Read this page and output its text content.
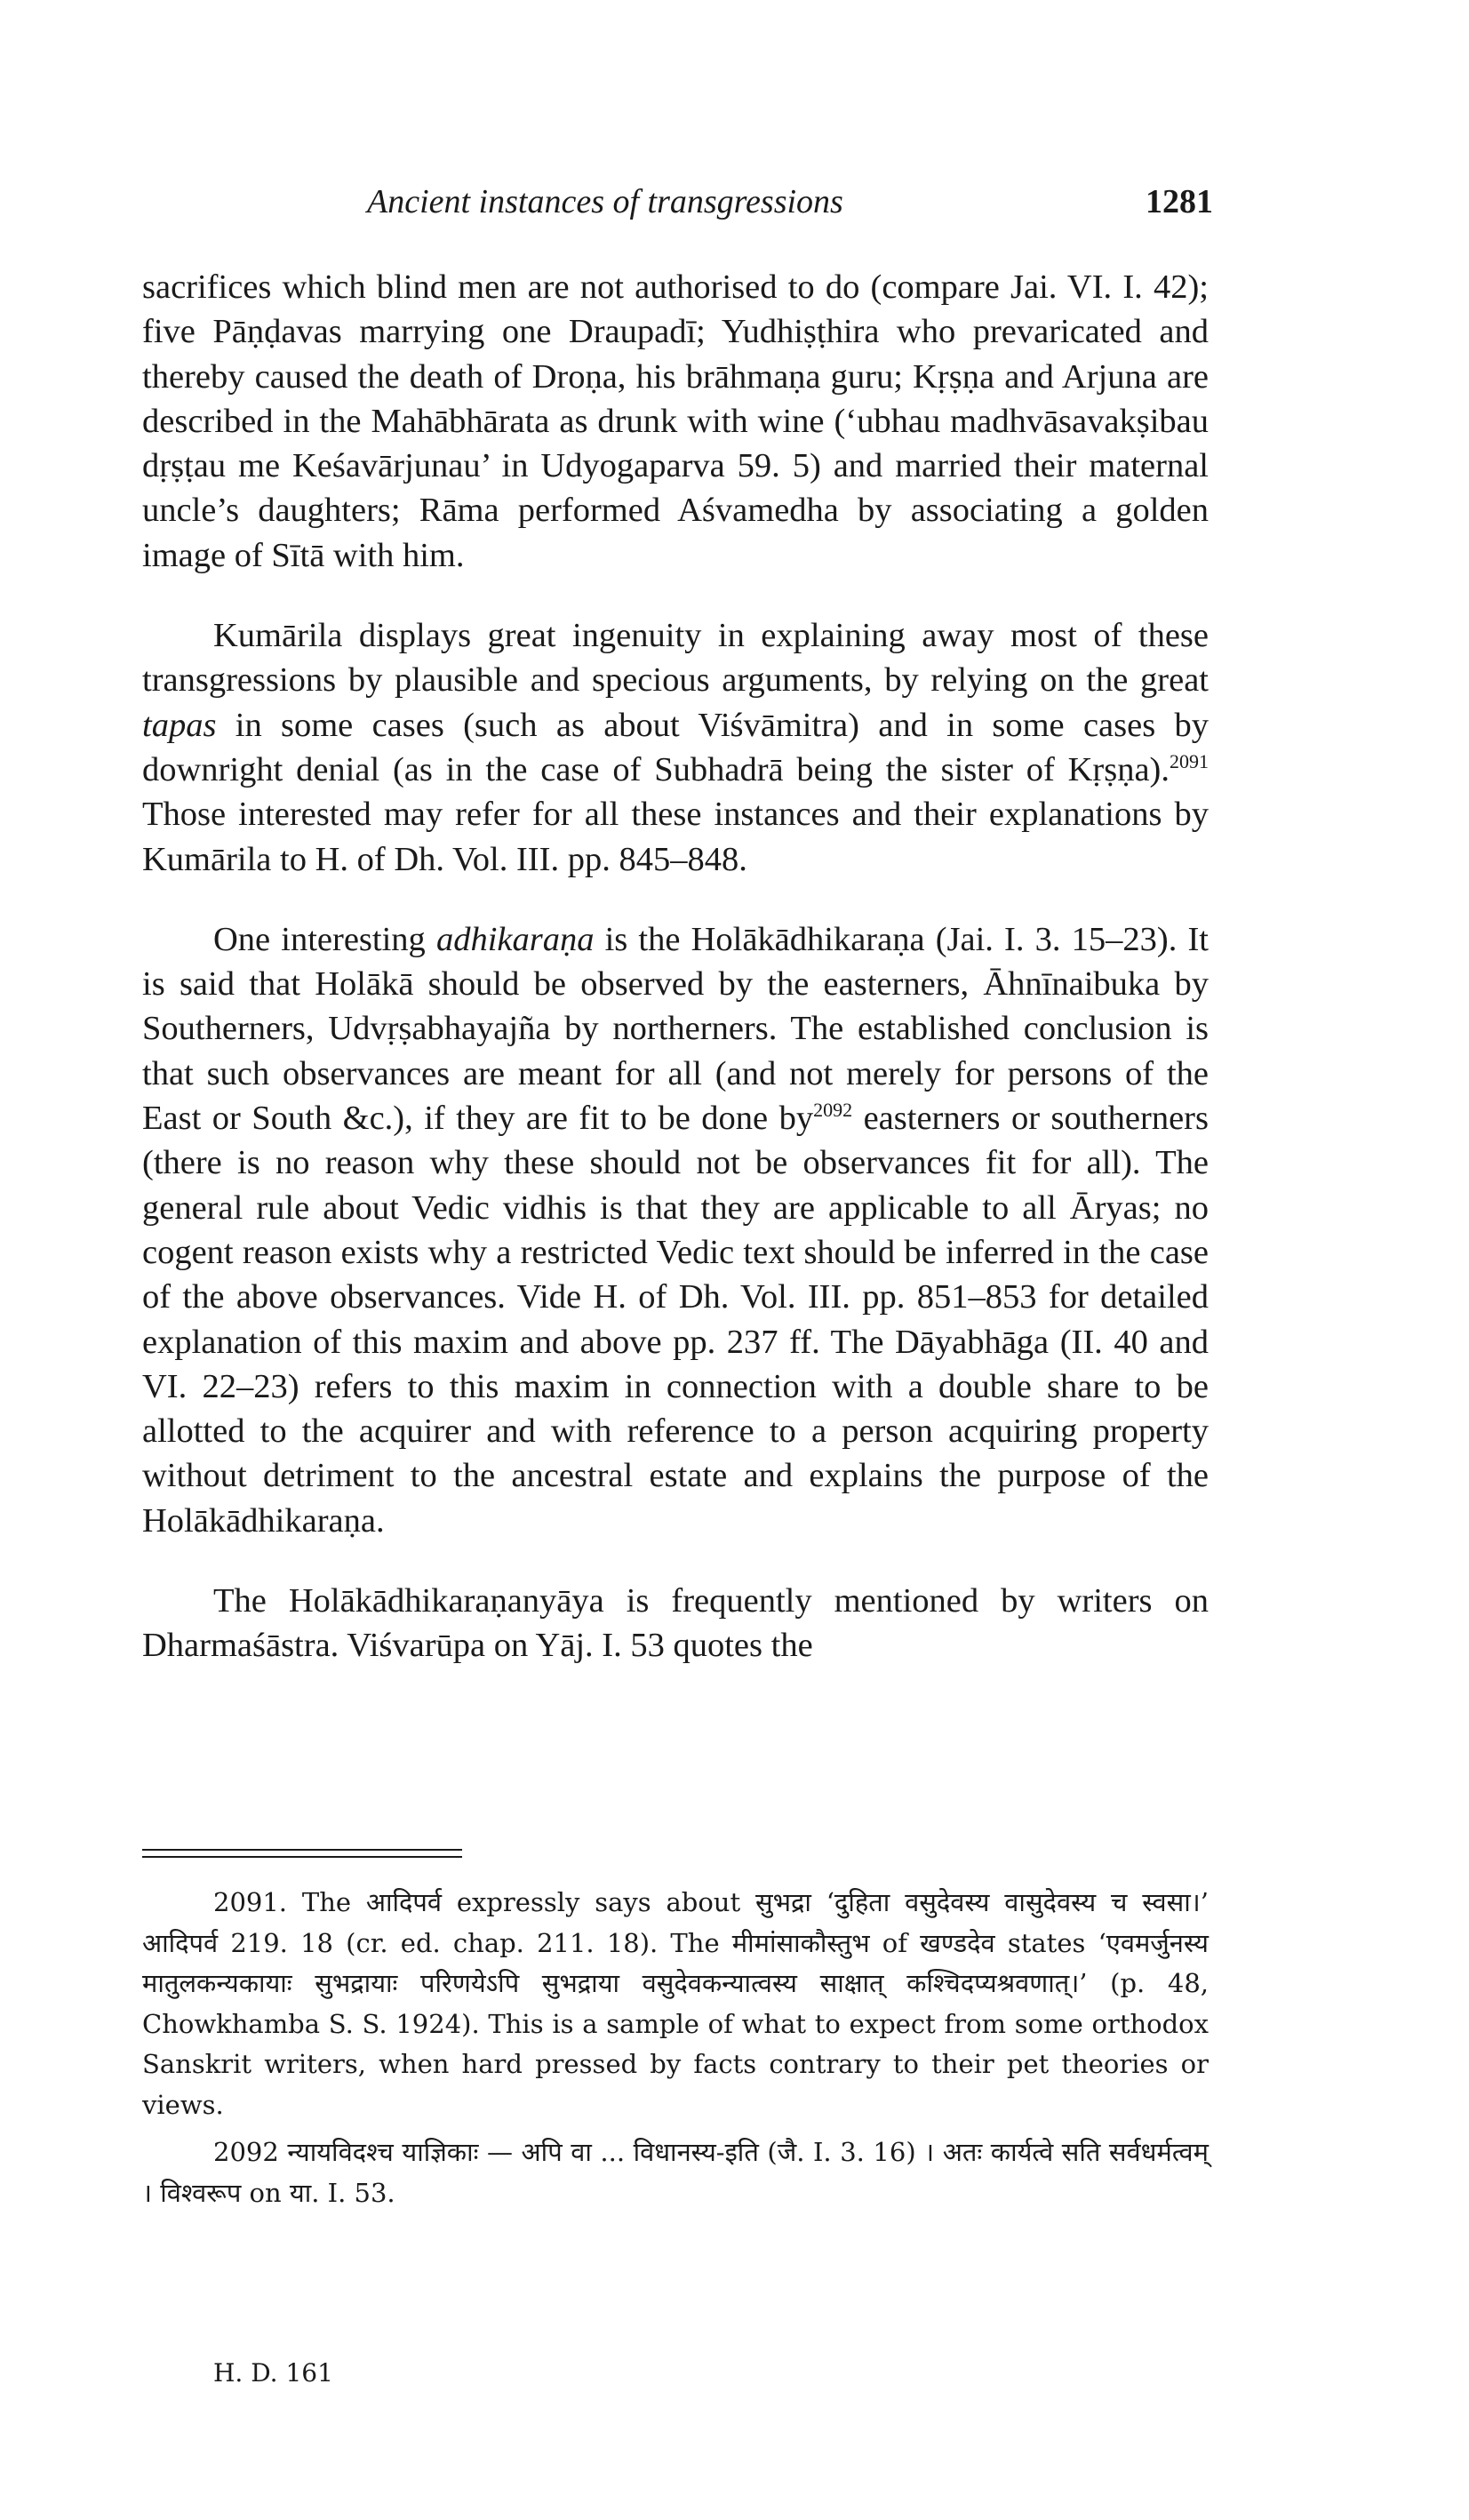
Ancient instances of transgressions	1281

sacrifices which blind men are not authorised to do (compare Jai. VI. I. 42); five Pāṇḍavas marrying one Draupadī; Yudhiṣṭhira who prevaricated and thereby caused the death of Droṇa, his brāhmaṇa guru; Kṛṣṇa and Arjuna are described in the Mahābhārata as drunk with wine (‘ubhau madhvāsavakṣibau dṛṣṭau me Keśavārjunau’ in Udyogaparva 59. 5) and married their maternal uncle’s daughters; Rāma performed Aśvamedha by associating a golden image of Sītā with him.

Kumārila displays great ingenuity in explaining away most of these transgressions by plausible and specious arguments, by relying on the great tapas in some cases (such as about Viśvāmitra) and in some cases by downright denial (as in the case of Subhadrā being the sister of Kṛṣṇa).$^{2091}$ Those interested may refer for all these instances and their explanations by Kumārila to H. of Dh. Vol. III. pp. 845–848.

One interesting adhikaraṇa is the Holākādhikaraṇa (Jai. I. 3. 15–23). It is said that Holākā should be observed by the easterners, Āhnīnaibuka by Southerners, Udvṛṣabhayajña by northerners. The established conclusion is that such observances are meant for all (and not merely for persons of the East or South &c.), if they are fit to be done $by^{2092}$ easterners or southerners (there is no reason why these should not be observances fit for all). The general rule about Vedic vidhis is that they are applicable to all Āryas; no cogent reason exists why a restricted Vedic text should be inferred in the case of the above observances. Vide H. of Dh. Vol. III. pp. 851–853 for detailed explanation of this maxim and above pp. 237 ff. The Dāyabhāga (II. 40 and VI. 22–23) refers to this maxim in connection with a double share to be allotted to the acquirer and with reference to a person acquiring property without detriment to the ancestral estate and explains the purpose of the Holākādhikaraṇa.

The Holākādhikaraṇanyāya is frequently mentioned by writers on Dharmaśāstra. Viśvarūpa on Yāj. I. 53 quotes the

2091. The आदिपर्व expressly says about सुभद्रा ‘दुहिता वसुदेवस्य वासुदेवस्य च स्वसा।’ आदिपर्व 219. 18 (cr. ed. chap. 211. 18). The मीमांसाकौस्तुभ of खण्डदेव states ‘एवमर्जुनस्य मातुलकन्यकायाः सुभद्रायाः परिणयेऽपि सुभद्राया वसुदेवकन्यात्वस्य साक्षात् कश्चिदप्यश्रवणात्।’ (p. 48, Chowkhamba S. S. 1924). This is a sample of what to expect from some orthodox Sanskrit writers, when hard pressed by facts contrary to their pet theories or views.

2092 न्यायविदश्च याज्ञिकाः — अपि वा ... विधानस्य-इति (जै. I. 3. 16) । अतः कार्यत्वे सति सर्वधर्मत्वम् । विश्वरूप on या. I. 53.

H. D. 161
